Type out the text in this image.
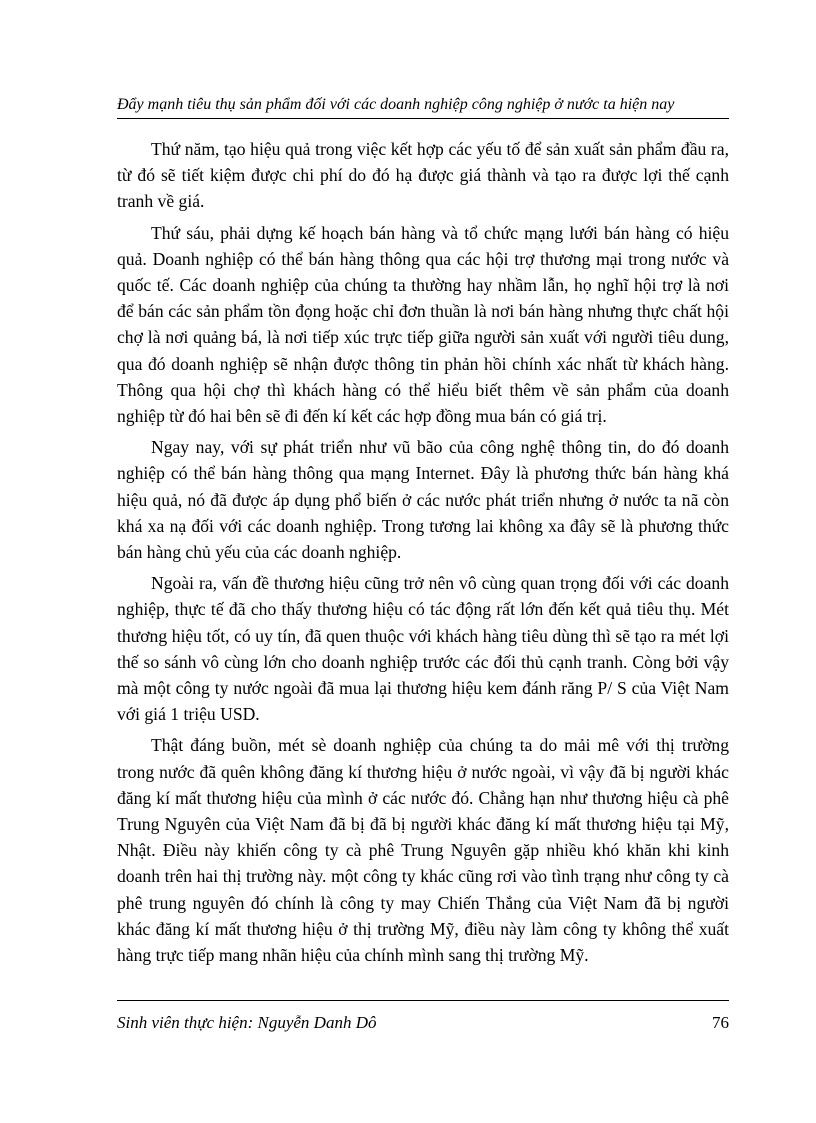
Đẩy mạnh tiêu thụ sản phẩm đối với các doanh nghiệp công nghiệp ở nước ta hiện nay

Thứ năm, tạo hiệu quả trong việc kết hợp các yếu tố để sản xuất sản phẩm đầu ra, từ đó sẽ tiết kiệm được chi phí do đó hạ được giá thành và tạo ra được lợi thế cạnh tranh về giá.

Thứ sáu, phải dựng kế hoạch bán hàng và tổ chức mạng lưới bán hàng có hiệu quả. Doanh nghiệp có thể bán hàng thông qua các hội trợ thương mại trong nước và quốc tế. Các doanh nghiệp của chúng ta thường hay nhầm lẫn, họ nghĩ hội trợ là nơi để bán các sản phẩm tồn đọng hoặc chỉ đơn thuần là nơi bán hàng nhưng thực chất hội chợ là nơi quảng bá, là nơi tiếp xúc trực tiếp giữa người sản xuất với người tiêu dung, qua đó doanh nghiệp sẽ nhận được thông tin phản hồi chính xác nhất từ khách hàng. Thông qua hội chợ thì khách hàng có thể hiểu biết thêm về sản phẩm của doanh nghiệp từ đó hai bên sẽ đi đến kí kết các hợp đồng mua bán có giá trị.

Ngay nay, với sự phát triển như vũ bão của công nghệ thông tin, do đó doanh nghiệp có thể bán hàng thông qua mạng Internet. Đây là phương thức bán hàng khá hiệu quả, nó đã được áp dụng phổ biến ở các nước phát triển nhưng ở nước ta nã còn khá xa nạ đối với các doanh nghiệp. Trong tương lai không xa đây sẽ là phương thức bán hàng chủ yếu của các doanh nghiệp.

Ngoài ra, vấn đề thương hiệu cũng trở nên vô cùng quan trọng đối với các doanh nghiệp, thực tế đã cho thấy thương hiệu có tác động rất lớn đến kết quả tiêu thụ. Mét thương hiệu tốt, có uy tín, đã quen thuộc với khách hàng tiêu dùng thì sẽ tạo ra mét lợi thế so sánh vô cùng lớn cho doanh nghiệp trước các đối thủ cạnh tranh. Còng bởi vậy mà một công ty nước ngoài đã mua lại thương hiệu kem đánh răng P/ S của Việt Nam với giá 1 triệu USD.

Thật đáng buồn, mét sè doanh nghiệp của chúng ta do mải mê với thị trường trong nước đã quên không đăng kí thương hiệu ở nước ngoài, vì vậy đã bị người khác đăng kí mất thương hiệu của mình ở các nước đó. Chẳng hạn như thương hiệu cà phê Trung Nguyên của Việt Nam đã bị đã bị người khác đăng kí mất thương hiệu tại Mỹ, Nhật. Điều này khiến công ty cà phê Trung Nguyên gặp nhiều khó khăn khi kinh doanh trên hai thị trường này. một công ty khác cũng rơi vào tình trạng như công ty cà phê trung nguyên đó chính là công ty may Chiến Thắng của Việt Nam đã bị người khác đăng kí mất thương hiệu ở thị trường Mỹ, điều này làm công ty không thể xuất hàng trực tiếp mang nhãn hiệu của chính mình sang thị trường Mỹ.

Sinh viên thực hiện: Nguyễn Danh Dô	76
